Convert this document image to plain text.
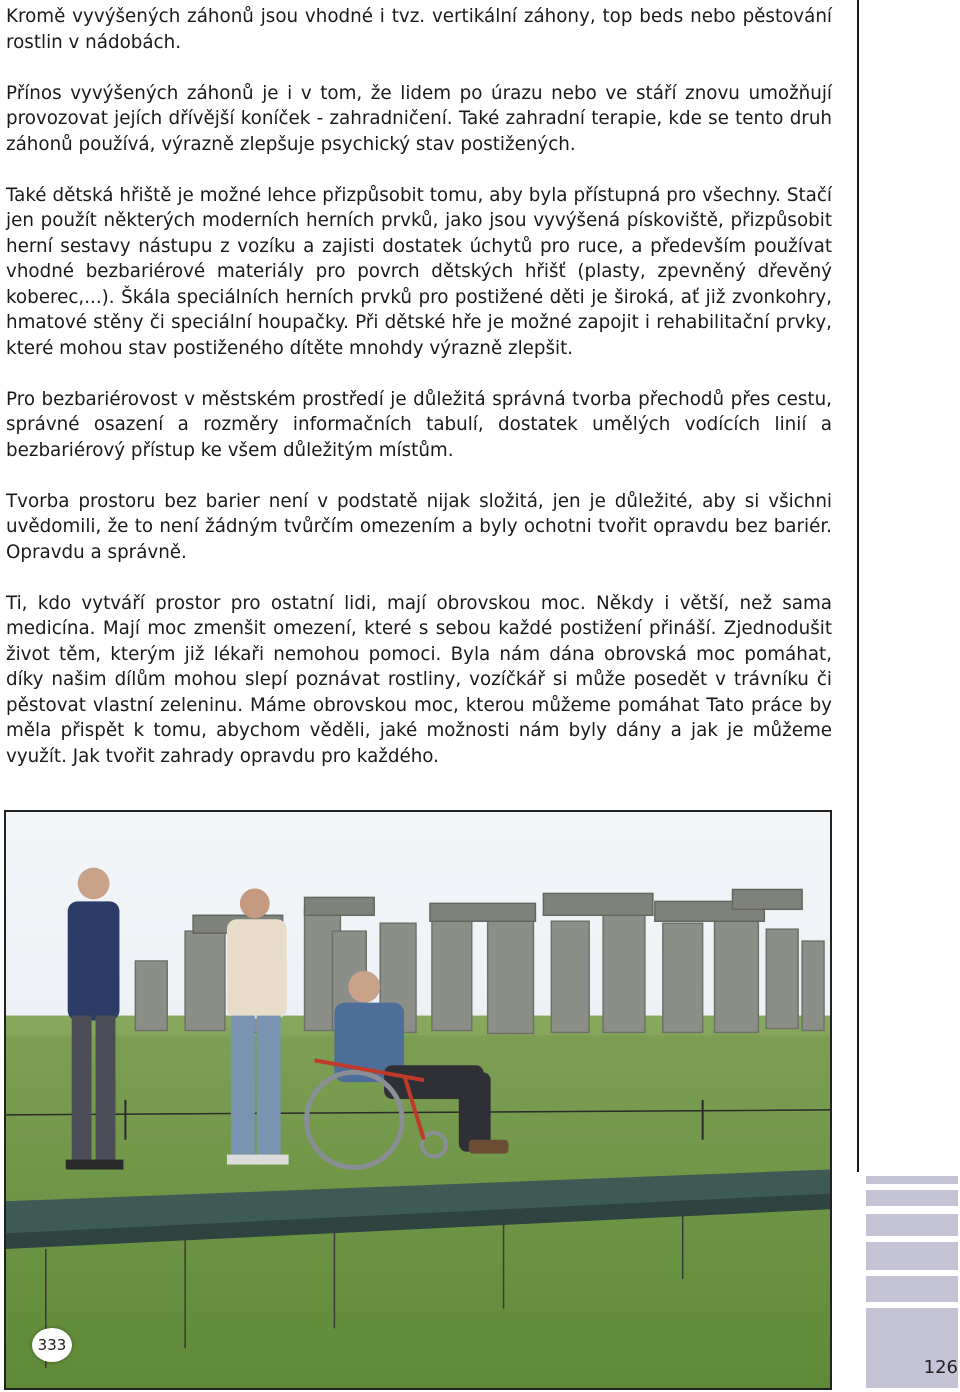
Kromě vyvýšených záhonů jsou vhodné i tvz. vertikální záhony, top beds nebo pěstování rostlin v nádobách.

Přínos vyvýšených záhonů je i v tom, že lidem po úrazu nebo ve stáří znovu umožňují provozovat jejích dřívější koníček - zahradničení. Také zahradní terapie, kde se tento druh záhonů používá, výrazně zlepšuje psychický stav postižených.

Také dětská hřiště je možné lehce přizpůsobit tomu, aby byla přístupná pro všechny. Stačí jen použít některých moderních herních prvků, jako jsou vyvýšená pískoviště, přizpůsobit herní sestavy nástupu z vozíku a zajisti dostatek úchytů pro ruce, a především používat vhodné bezbariérové materiály pro povrch dětských hřišť (plasty, zpevněný dřevěný koberec,...). Škála speciálních herních prvků pro postižené děti je široká, ať již zvonkohry, hmatové stěny či speciální houpačky. Při dětské hře je možné zapojit i rehabilitační prvky, které mohou stav postiženého dítěte mnohdy výrazně zlepšit.

Pro bezbariérovost v městském prostředí je důležitá správná tvorba přechodů přes cestu, správné osazení a rozměry informačních tabulí, dostatek umělých vodících linií a bezbariérový přístup ke všem důležitým místům.

Tvorba prostoru bez barier není v podstatě nijak složitá, jen je důležité, aby si všichni uvědomili, že to není žádným tvůrčím omezením a byly ochotni tvořit opravdu bez bariér. Opravdu a správně.

Ti, kdo vytváří prostor pro ostatní lidi, mají obrovskou moc. Někdy i větší, než sama medicína. Mají moc zmenšit omezení, které s sebou každé postižení přináší. Zjednodušit život těm, kterým již lékaři nemohou pomoci. Byla nám dána obrovská moc pomáhat, díky našim dílům mohou slepí poznávat rostliny, vozíčkář si může posedět v trávníku či pěstovat vlastní zeleninu. Máme obrovskou moc, kterou můžeme pomáhat Tato práce by měla přispět k tomu, abychom věděli, jaké možnosti nám byly dány a jak je můžeme využít. Jak tvořit zahrady opravdu pro každého.

333
126
